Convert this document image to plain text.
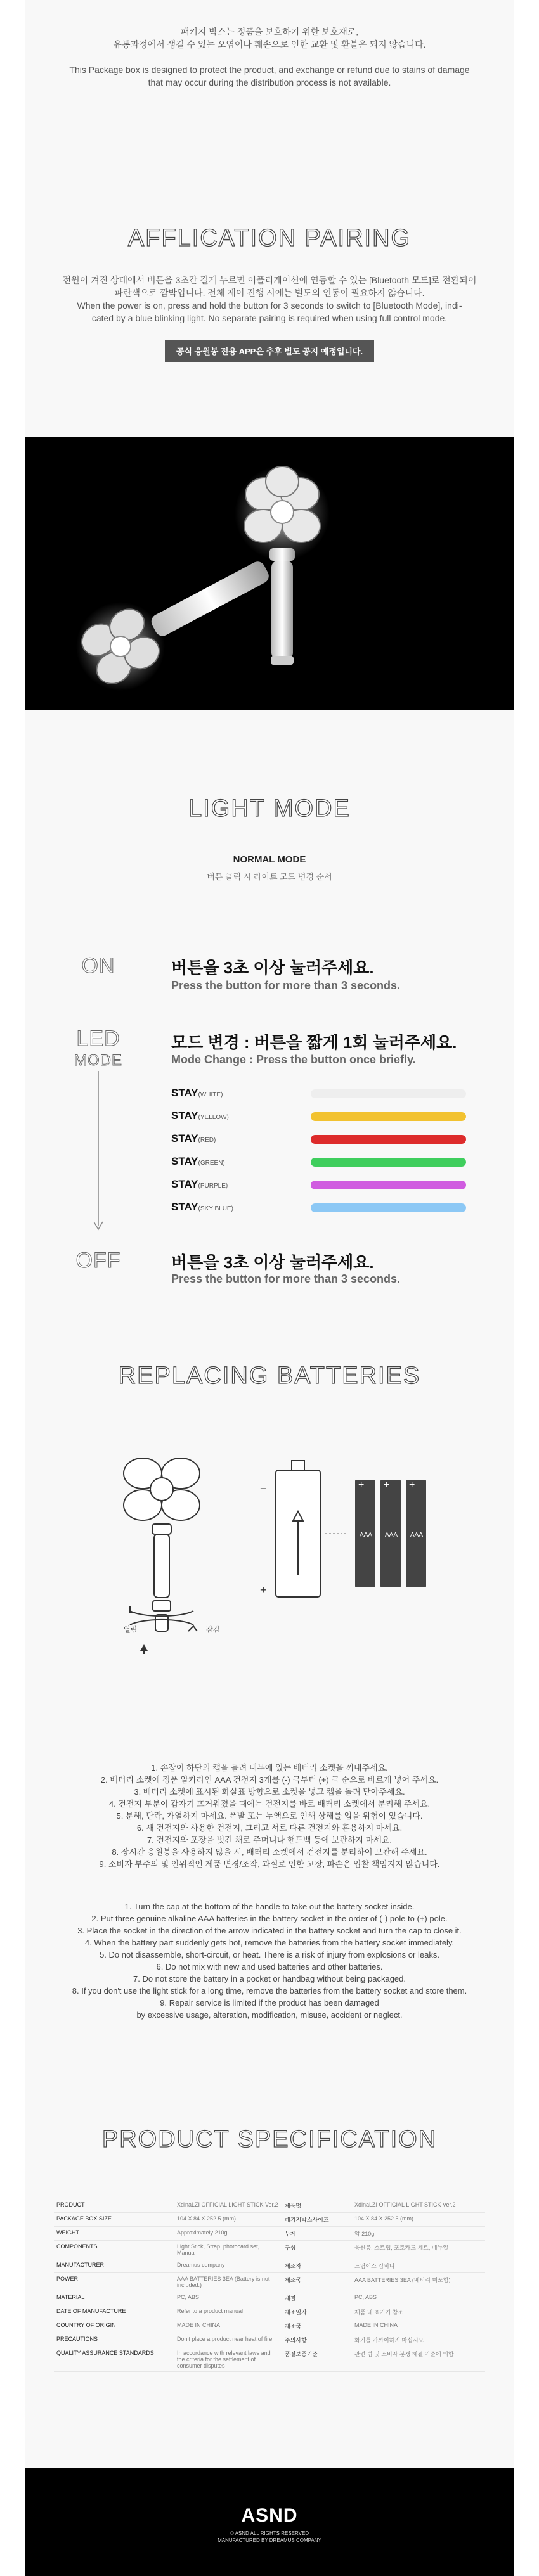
패키지 박스는 정품을 보호하기 위한 보호재로,

유통과정에서 생길 수 있는 오염이나 훼손으로 인한 교환 및 환불은 되지 않습니다.

This Package box is designed to protect the product, and exchange or refund due to stains of damage

that may occur during the distribution process is not available.

AFFLICATION PAIRING

전원이 켜진 상태에서 버튼을 3초간 길게 누르면 어플리케이션에 연동할 수 있는 [Bluetooth 모드]로 전환되어

파란색으로 깜박입니다. 전체 제어 진행 시에는 별도의 연동이 필요하지 않습니다.

When the power is on, press and hold the button for 3 seconds to switch to [Bluetooth Mode], indi-

cated by a blue blinking light. No separate pairing is required when using full control mode.

공식 응원봉 전용 APP은 추후 별도 공지 예정입니다.
LIGHT MODE
NORMAL MODE
버튼 클릭 시 라이트 모드 변경 순서
ON	버튼을 3초 이상 눌러주세요.
Press the button for more than 3 seconds.
LED
MODE
모드 변경 : 버튼을 짧게 1회 눌러주세요.
Mode Change : Press the button once briefly.
STAY(WHITE)
STAY(YELLOW)
STAY(RED)
STAY(GREEN)
STAY(PURPLE)
STAY(SKY BLUE)
OFF	버튼을 3초 이상 눌러주세요.
Press the button for more than 3 seconds.
REPLACING BATTERIES
열림	잠김
−
+
AAA AAA AAA
+ + +

1. 손잡이 하단의 캡을 돌려 내부에 있는 배터리 소켓을 꺼내주세요.

2. 배터리 소켓에 정품 알카라인 AAA 건전지 3개를 (-) 극부터 (+) 극 순으로 바르게 넣어 주세요.

3. 배터리 소켓에 표시된 화살표 방향으로 소켓을 넣고 캡을 돌려 닫아주세요.

4. 건전지 부분이 갑자기 뜨거워졌을 때에는 건전지를 바로 배터리 소켓에서 분리해 주세요.

5. 분해, 단락, 가열하지 마세요. 폭발 또는 누액으로 인해 상해를 입을 위험이 있습니다.

6. 새 건전지와 사용한 건전지, 그리고 서로 다른 건전지와 혼용하지 마세요.

7. 건전지와 포장을 벗긴 채로 주머니나 핸드백 등에 보관하지 마세요.

8. 장시간 응원봉을 사용하지 않을 시, 배터리 소켓에서 건전지를 분리하여 보관해 주세요.

9. 소비자 부주의 및 인위적인 제품 변경/조작, 과실로 인한 고장, 파손은 입찰 책임지지 않습니다.

1. Turn the cap at the bottom of the handle to take out the battery socket inside.

2. Put three genuine alkaline AAA batteries in the battery socket in the order of (-) pole to (+) pole.

3. Place the socket in the direction of the arrow indicated in the battery socket and turn the cap to close it.

4. When the battery part suddenly gets hot, remove the batteries from the battery socket immediately.

5. Do not disassemble, short-circuit, or heat. There is a risk of injury from explosions or leaks.

6. Do not mix with new and used batteries and other batteries.

7. Do not store the battery in a pocket or handbag without being packaged.

8. If you don't use the light stick for a long time, remove the batteries from the battery socket and store them.

9. Repair service is limited if the product has been damaged

by excessive usage, alteration, modification, misuse, accident or neglect.

PRODUCT SPECIFICATION
PRODUCT	XdinaLZI OFFICIAL LIGHT STICK Ver.2	제품명	XdinaLZI OFFICIAL LIGHT STICK Ver.2
PACKAGE BOX SIZE	104 X 84 X 252.5 (mm)	패키지박스사이즈	104 X 84 X 252.5 (mm)
WEIGHT	Approximately 210g	무게	약 210g
COMPONENTS	Light Stick, Strap, photocard set, Manual	구성	응원봉, 스트랩, 포토카드 세트, 매뉴얼
MANUFACTURER	Dreamus company	제조자	드림어스 컴퍼니
POWER	AAA BATTERIES 3EA (Battery is not included.)	제조국	AAA BATTERIES 3EA (배터리 미포함)
MATERIAL	PC, ABS	재질	PC, ABS
DATE OF MANUFACTURE	Refer to a product manual	제조일자	제품 내 표기기 참조
COUNTRY OF ORIGIN	MADE IN CHINA	제조국	MADE IN CHINA
PRECAUTIONS	Don't place a product near heat of fire.	주의사항	화기를 가까이하지 마십시오.
QUALITY ASSURANCE STANDARDS	In accordance with relevant laws and the criteria for the settlement of consumer disputes	품질보증기준	관련 법 및 소비자 분쟁 해결 기준에 의함
ASND
© ASND ALL RIGHTS RESERVED
MANUFACTURED BY DREAMUS COMPANY
